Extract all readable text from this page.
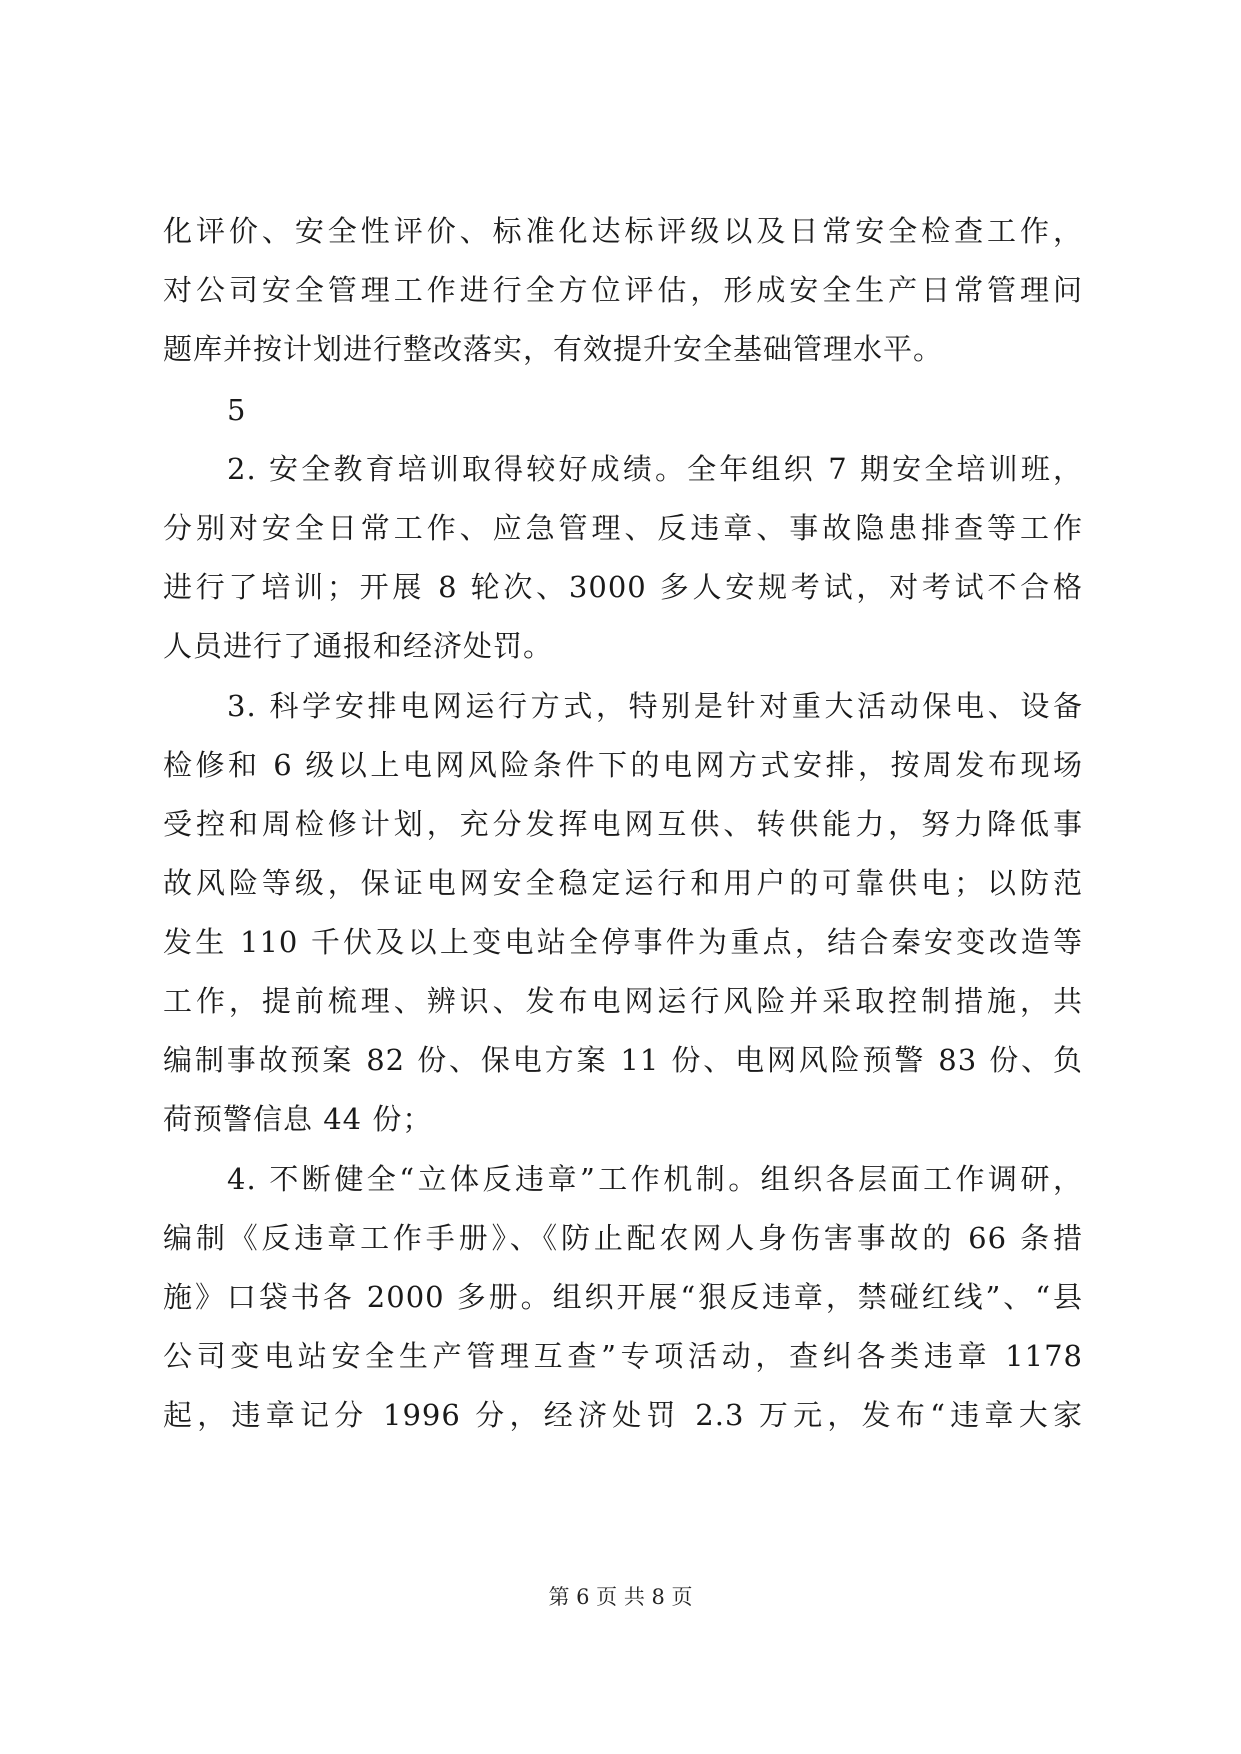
化评价、安全性评价、标准化达标评级以及日常安全检查工作，
对公司安全管理工作进行全方位评估，形成安全生产日常管理问
题库并按计划进行整改落实，有效提升安全基础管理水平。
5
2. 安全教育培训取得较好成绩。全年组织 7 期安全培训班，
分别对安全日常工作、应急管理、反违章、事故隐患排查等工作
进行了培训；开展 8 轮次、3000 多人安规考试，对考试不合格
人员进行了通报和经济处罚。
3. 科学安排电网运行方式，特别是针对重大活动保电、设备
检修和 6 级以上电网风险条件下的电网方式安排，按周发布现场
受控和周检修计划，充分发挥电网互供、转供能力，努力降低事
故风险等级，保证电网安全稳定运行和用户的可靠供电；以防范
发生 110 千伏及以上变电站全停事件为重点，结合秦安变改造等
工作，提前梳理、辨识、发布电网运行风险并采取控制措施，共
编制事故预案 82 份、保电方案 11 份、电网风险预警 83 份、负
荷预警信息 44 份；
4. 不断健全“立体反违章”工作机制。组织各层面工作调研，
编制《反违章工作手册》、《防止配农网人身伤害事故的 66 条措
施》口袋书各 2000 多册。组织开展“狠反违章，禁碰红线”、“县
公司变电站安全生产管理互查”专项活动，查纠各类违章 1178
起，违章记分 1996 分，经济处罚 2.3 万元，发布“违章大家
第 6 页 共 8 页
